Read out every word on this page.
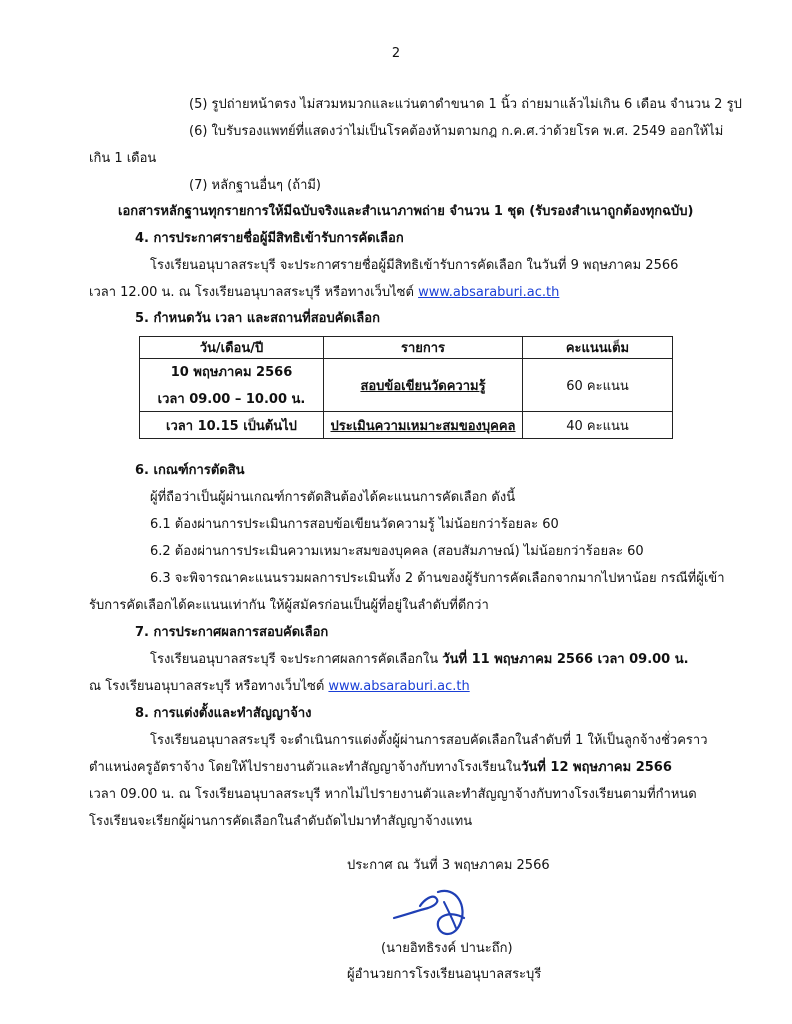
2
(5) รูปถ่ายหน้าตรง ไม่สวมหมวกและแว่นตาดำขนาด 1 นิ้ว ถ่ายมาแล้วไม่เกิน 6 เดือน จำนวน 2 รูป
(6) ใบรับรองแพทย์ที่แสดงว่าไม่เป็นโรคต้องห้ามตามกฎ ก.ค.ศ.ว่าด้วยโรค พ.ศ. 2549 ออกให้ไม่
เกิน 1 เดือน
(7) หลักฐานอื่นๆ (ถ้ามี)
เอกสารหลักฐานทุกรายการให้มีฉบับจริงและสำเนาภาพถ่าย จำนวน 1 ชุด (รับรองสำเนาถูกต้องทุกฉบับ)
4. การประกาศรายชื่อผู้มีสิทธิเข้ารับการคัดเลือก
โรงเรียนอนุบาลสระบุรี จะประกาศรายชื่อผู้มีสิทธิเข้ารับการคัดเลือก ในวันที่ 9 พฤษภาคม 2566
เวลา 12.00 น. ณ โรงเรียนอนุบาลสระบุรี หรือทางเว็บไซต์ www.absaraburi.ac.th
5. กำหนดวัน เวลา และสถานที่สอบคัดเลือก
วัน/เดือน/ปี	รายการ	คะแนนเต็ม

10 พฤษภาคม 2566
เวลา 09.00 – 10.00 น.	สอบข้อเขียนวัดความรู้	60 คะแนน
เวลา 10.15 เป็นต้นไป	ประเมินความเหมาะสมของบุคคล	40 คะแนน
6. เกณฑ์การตัดสิน
ผู้ที่ถือว่าเป็นผู้ผ่านเกณฑ์การตัดสินต้องได้คะแนนการคัดเลือก ดังนี้
6.1 ต้องผ่านการประเมินการสอบข้อเขียนวัดความรู้ ไม่น้อยกว่าร้อยละ 60
6.2 ต้องผ่านการประเมินความเหมาะสมของบุคคล (สอบสัมภาษณ์) ไม่น้อยกว่าร้อยละ 60
6.3 จะพิจารณาคะแนนรวมผลการประเมินทั้ง 2 ด้านของผู้รับการคัดเลือกจากมากไปหาน้อย กรณีที่ผู้เข้า
รับการคัดเลือกได้คะแนนเท่ากัน ให้ผู้สมัครก่อนเป็นผู้ที่อยู่ในลำดับที่ดีกว่า
7. การประกาศผลการสอบคัดเลือก
โรงเรียนอนุบาลสระบุรี จะประกาศผลการคัดเลือกใน วันที่ 11 พฤษภาคม 2566 เวลา 09.00 น.
ณ โรงเรียนอนุบาลสระบุรี หรือทางเว็บไซต์ www.absaraburi.ac.th
8. การแต่งตั้งและทำสัญญาจ้าง
โรงเรียนอนุบาลสระบุรี จะดำเนินการแต่งตั้งผู้ผ่านการสอบคัดเลือกในลำดับที่ 1 ให้เป็นลูกจ้างชั่วคราว
ตำแหน่งครูอัตราจ้าง โดยให้ไปรายงานตัวและทำสัญญาจ้างกับทางโรงเรียนในวันที่ 12 พฤษภาคม 2566
เวลา 09.00 น. ณ โรงเรียนอนุบาลสระบุรี หากไม่ไปรายงานตัวและทำสัญญาจ้างกับทางโรงเรียนตามที่กำหนด
โรงเรียนจะเรียกผู้ผ่านการคัดเลือกในลำดับถัดไปมาทำสัญญาจ้างแทน
ประกาศ ณ วันที่ 3 พฤษภาคม 2566
(นายอิทธิรงค์ ปานะถึก)
ผู้อำนวยการโรงเรียนอนุบาลสระบุรี
